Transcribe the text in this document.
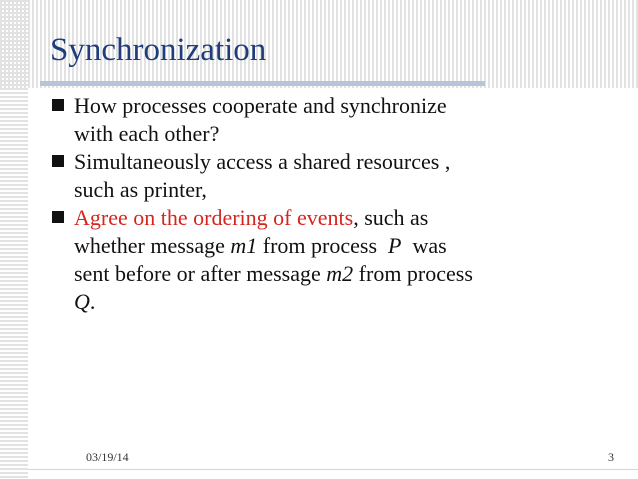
Synchronization
How processes cooperate and synchronize
with each other?
Simultaneously access a shared resources ,
such as printer,
Agree on the ordering of events, such as
whether message m1 from process  P  was
sent before or after message m2 from process
Q.
03/19/14	3
